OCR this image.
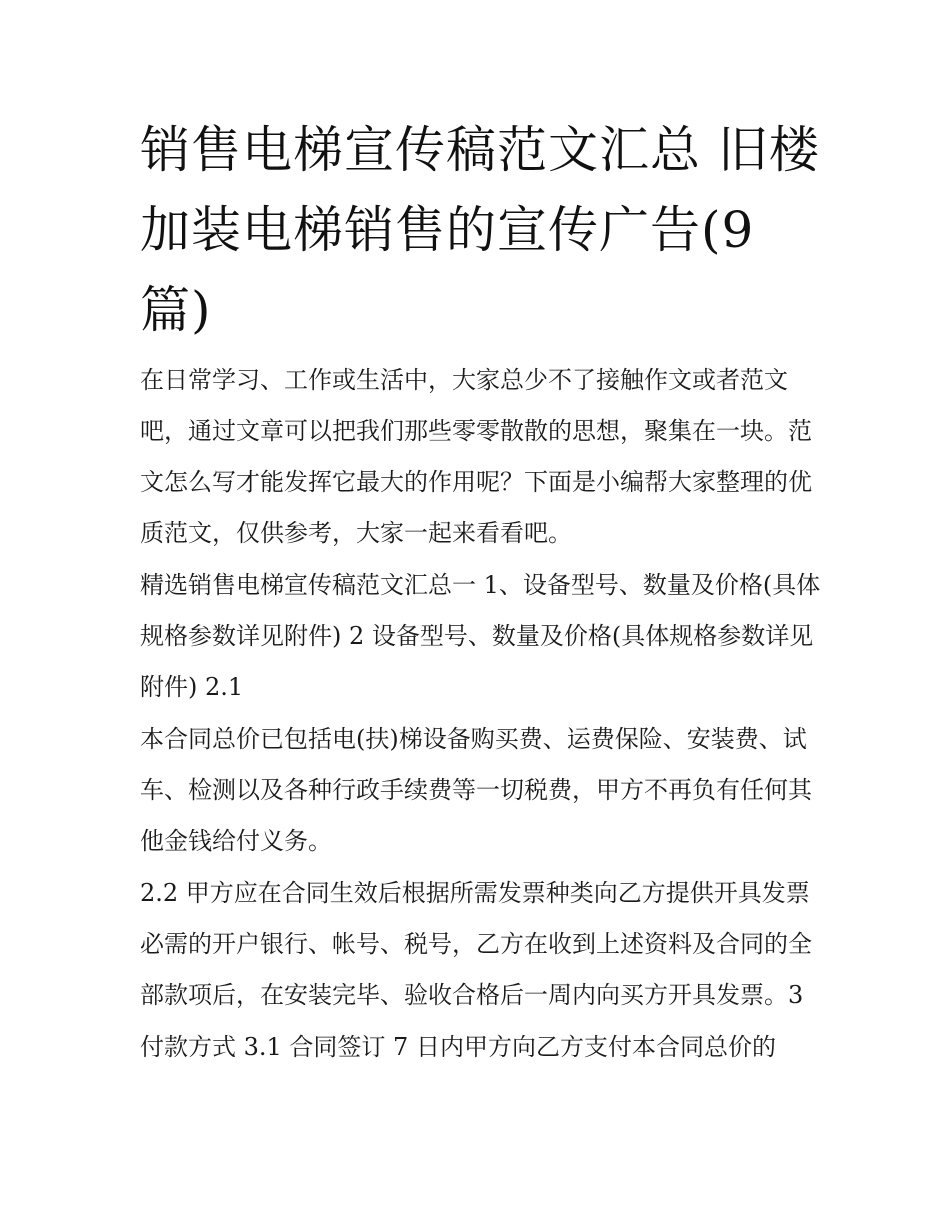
销售电梯宣传稿范文汇总 旧楼加装电梯销售的宣传广告(9篇)

在日常学习、工作或生活中，大家总少不了接触作文或者范文吧，通过文章可以把我们那些零零散散的思想，聚集在一块。范文怎么写才能发挥它最大的作用呢？下面是小编帮大家整理的优质范文，仅供参考，大家一起来看看吧。

精选销售电梯宣传稿范文汇总一 1、设备型号、数量及价格(具体规格参数详见附件) 2 设备型号、数量及价格(具体规格参数详见附件) 2.1

本合同总价已包括电(扶)梯设备购买费、运费保险、安装费、试车、检测以及各种行政手续费等一切税费，甲方不再负有任何其他金钱给付义务。

2.2 甲方应在合同生效后根据所需发票种类向乙方提供开具发票必需的开户银行、帐号、税号，乙方在收到上述资料及合同的全部款项后，在安装完毕、验收合格后一周内向买方开具发票。3

付款方式 3.1 合同签订 7 日内甲方向乙方支付本合同总价的
